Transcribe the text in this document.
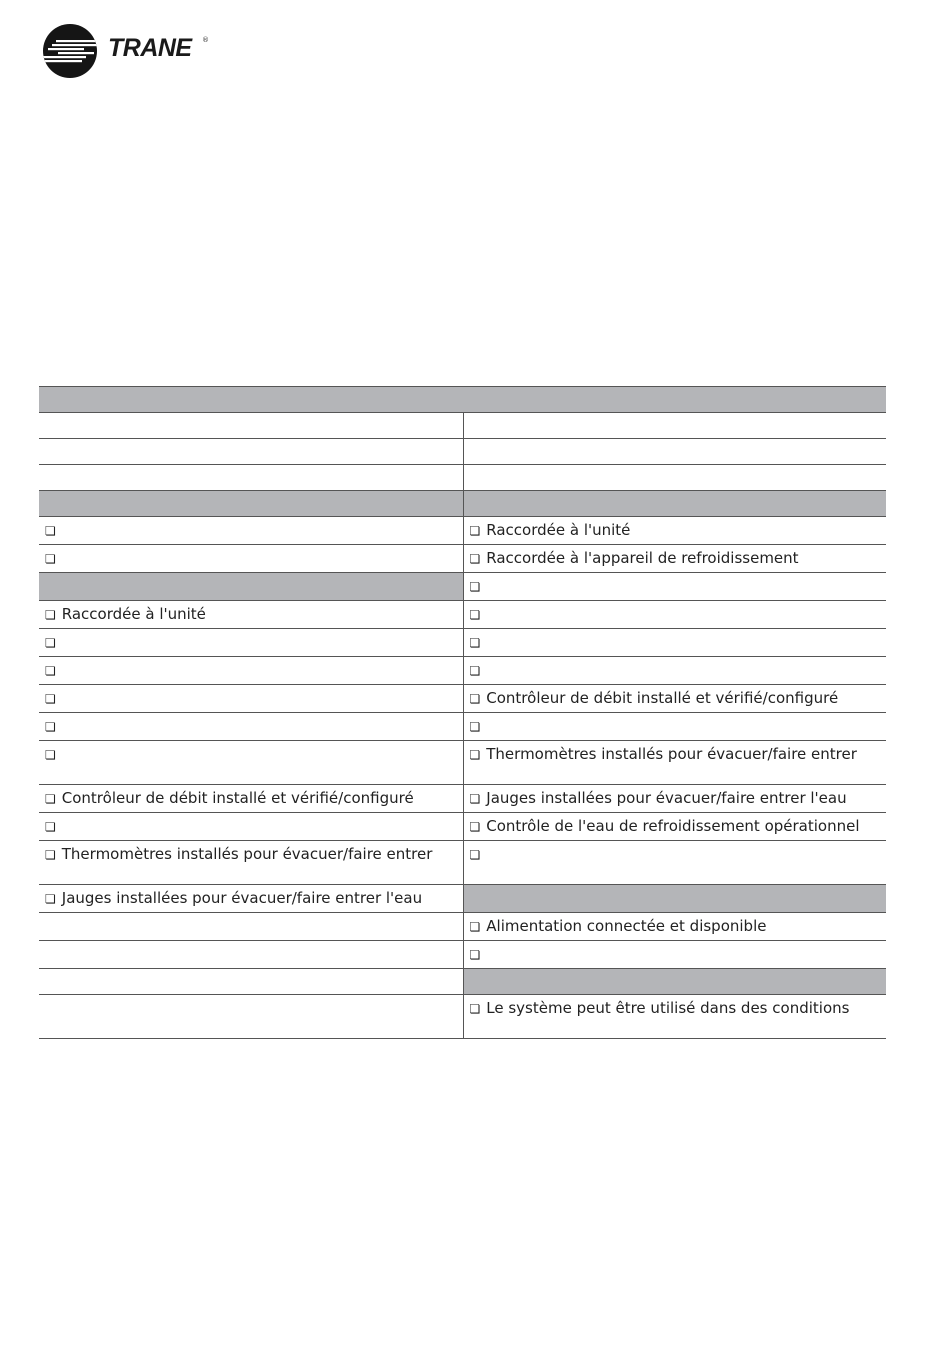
TRANE ®

❏	❏ Raccordée à l'unité
❏	❏ Raccordée à l'appareil de refroidissement
	❏
❏ Raccordée à l'unité	❏
❏	❏
❏	❏
❏	❏ Contrôleur de débit installé et vérifié/configuré
❏	❏
❏	❏ Thermomètres installés pour évacuer/faire entrer
❏ Contrôleur de débit installé et vérifié/configuré	❏ Jauges installées pour évacuer/faire entrer l'eau
❏	❏ Contrôle de l'eau de refroidissement opérationnel
❏ Thermomètres installés pour évacuer/faire entrer	❏
❏ Jauges installées pour évacuer/faire entrer l'eau	
	❏ Alimentation connectée et disponible
	❏

	❏ Le système peut être utilisé dans des conditions
